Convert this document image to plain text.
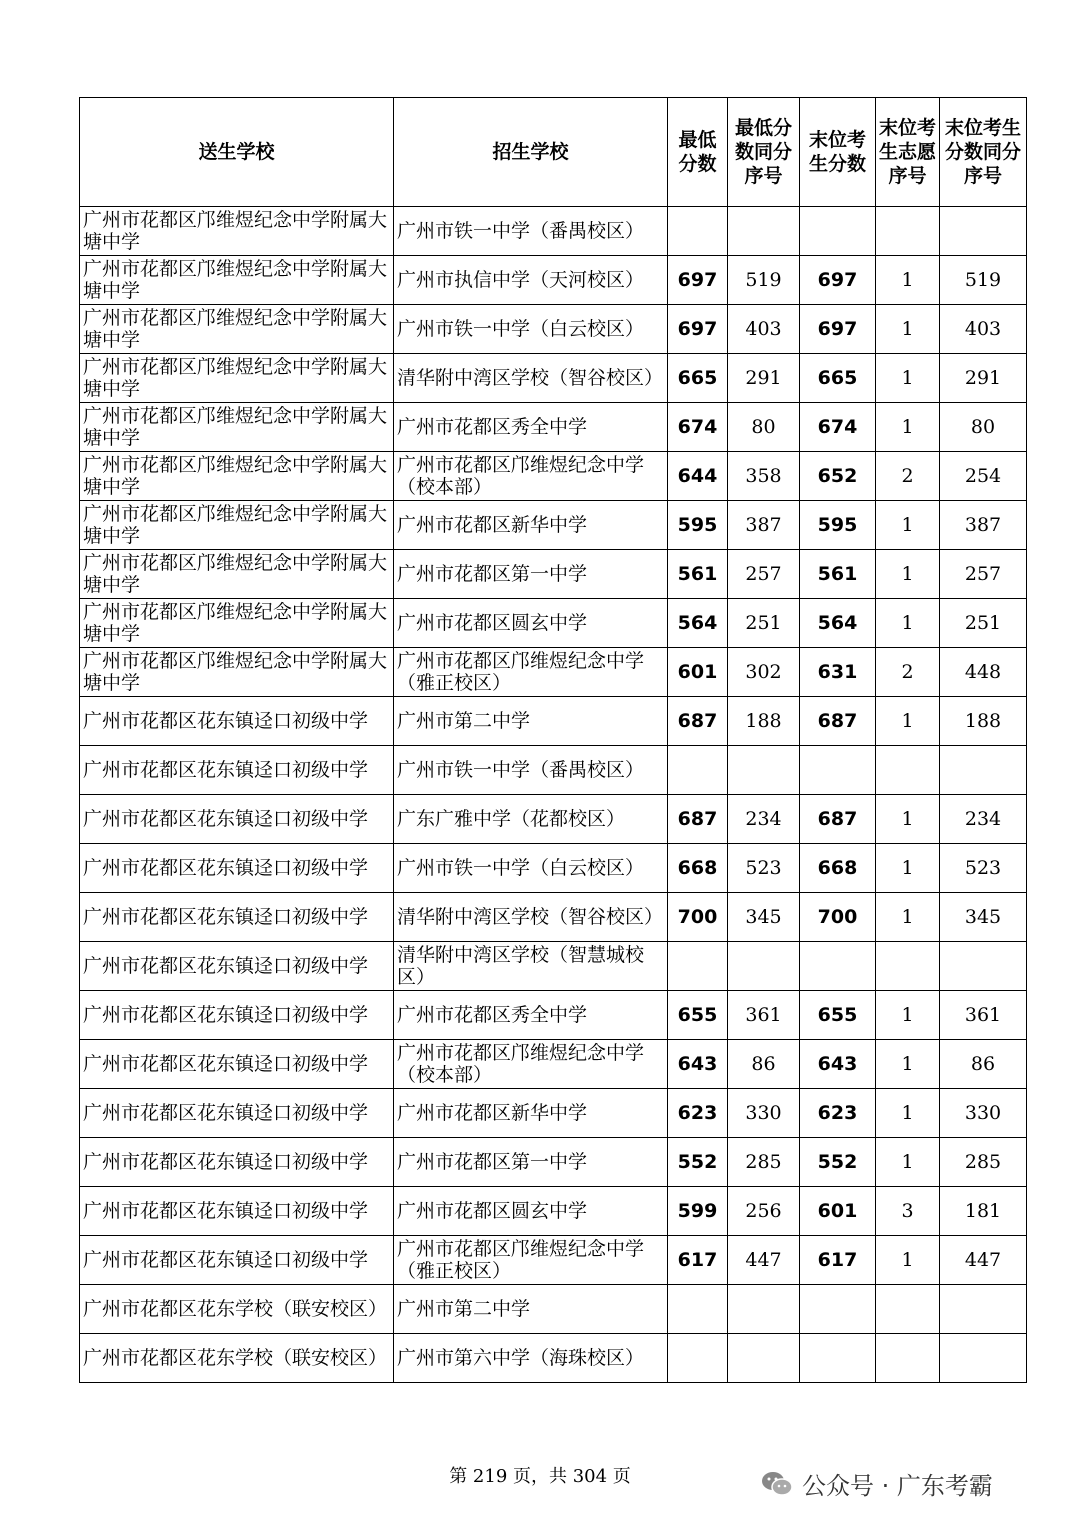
送生学校	招生学校	最低分数	最低分数同分序号	末位考生分数	末位考生志愿序号	末位考生分数同分序号
广州市花都区邝维煜纪念中学附属大塘中学	广州市铁一中学（番禺校区）					
广州市花都区邝维煜纪念中学附属大塘中学	广州市执信中学（天河校区）	697	519	697	1	519
广州市花都区邝维煜纪念中学附属大塘中学	广州市铁一中学（白云校区）	697	403	697	1	403
广州市花都区邝维煜纪念中学附属大塘中学	清华附中湾区学校（智谷校区）	665	291	665	1	291
广州市花都区邝维煜纪念中学附属大塘中学	广州市花都区秀全中学	674	80	674	1	80
广州市花都区邝维煜纪念中学附属大塘中学	广州市花都区邝维煜纪念中学（校本部）	644	358	652	2	254
广州市花都区邝维煜纪念中学附属大塘中学	广州市花都区新华中学	595	387	595	1	387
广州市花都区邝维煜纪念中学附属大塘中学	广州市花都区第一中学	561	257	561	1	257
广州市花都区邝维煜纪念中学附属大塘中学	广州市花都区圆玄中学	564	251	564	1	251
广州市花都区邝维煜纪念中学附属大塘中学	广州市花都区邝维煜纪念中学（雅正校区）	601	302	631	2	448
广州市花都区花东镇迳口初级中学	广州市第二中学	687	188	687	1	188
广州市花都区花东镇迳口初级中学	广州市铁一中学（番禺校区）					
广州市花都区花东镇迳口初级中学	广东广雅中学（花都校区）	687	234	687	1	234
广州市花都区花东镇迳口初级中学	广州市铁一中学（白云校区）	668	523	668	1	523
广州市花都区花东镇迳口初级中学	清华附中湾区学校（智谷校区）	700	345	700	1	345
广州市花都区花东镇迳口初级中学	清华附中湾区学校（智慧城校区）					
广州市花都区花东镇迳口初级中学	广州市花都区秀全中学	655	361	655	1	361
广州市花都区花东镇迳口初级中学	广州市花都区邝维煜纪念中学（校本部）	643	86	643	1	86
广州市花都区花东镇迳口初级中学	广州市花都区新华中学	623	330	623	1	330
广州市花都区花东镇迳口初级中学	广州市花都区第一中学	552	285	552	1	285
广州市花都区花东镇迳口初级中学	广州市花都区圆玄中学	599	256	601	3	181
广州市花都区花东镇迳口初级中学	广州市花都区邝维煜纪念中学（雅正校区）	617	447	617	1	447
广州市花都区花东学校（联安校区）	广州市第二中学					
广州市花都区花东学校（联安校区）	广州市第六中学（海珠校区）					
第 219 页，共 304 页	公众号 · 广东考霸
